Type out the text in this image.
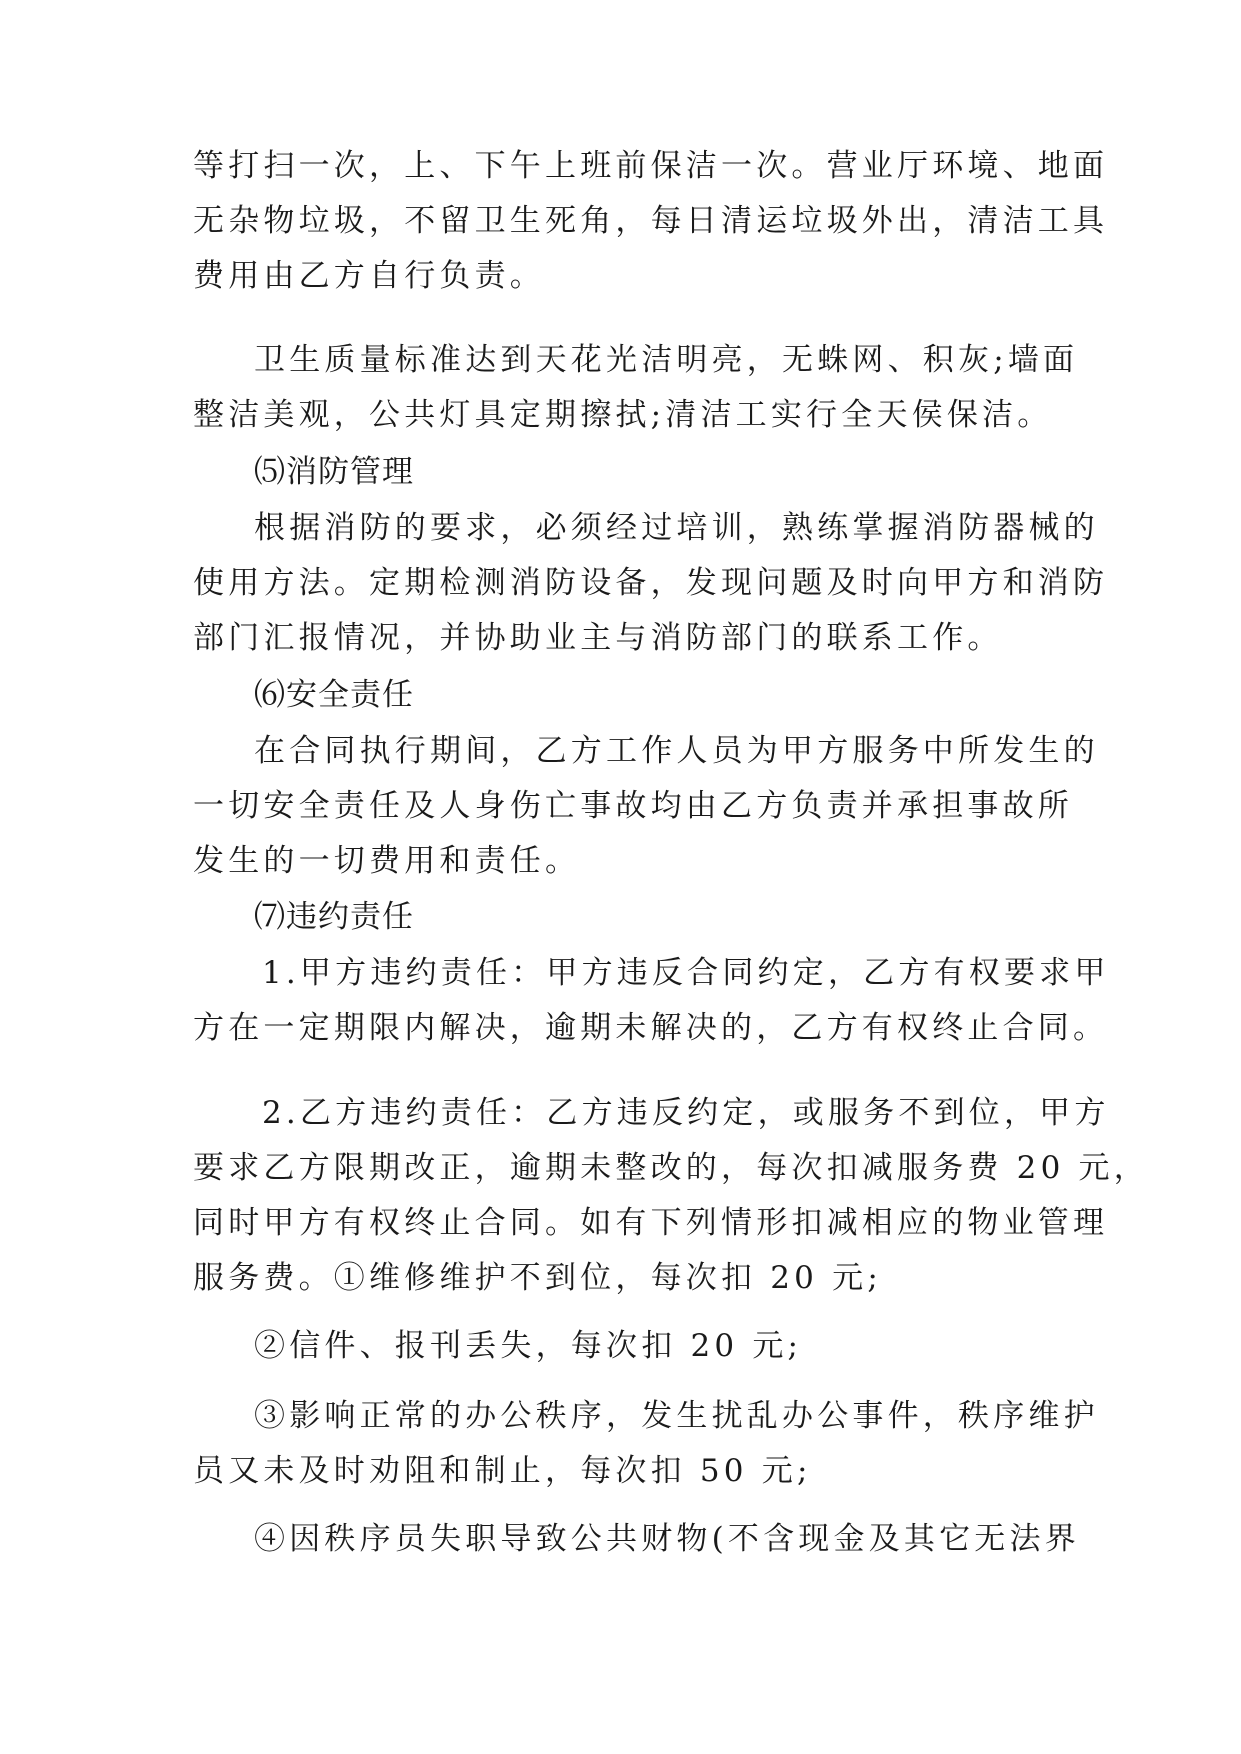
等打扫一次，上、下午上班前保洁一次。营业厅环境、地面
无杂物垃圾，不留卫生死角，每日清运垃圾外出，清洁工具
费用由乙方自行负责。
卫生质量标准达到天花光洁明亮，无蛛网、积灰;墙面
整洁美观，公共灯具定期擦拭;清洁工实行全天侯保洁。
⑸消防管理
根据消防的要求，必须经过培训，熟练掌握消防器械的
使用方法。定期检测消防设备，发现问题及时向甲方和消防
部门汇报情况，并协助业主与消防部门的联系工作。
⑹安全责任
在合同执行期间，乙方工作人员为甲方服务中所发生的
一切安全责任及人身伤亡事故均由乙方负责并承担事故所
发生的一切费用和责任。
⑺违约责任
1.甲方违约责任：甲方违反合同约定，乙方有权要求甲
方在一定期限内解决，逾期未解决的，乙方有权终止合同。
2.乙方违约责任：乙方违反约定，或服务不到位，甲方
要求乙方限期改正，逾期未整改的，每次扣减服务费 20 元，
同时甲方有权终止合同。如有下列情形扣减相应的物业管理
服务费。①维修维护不到位，每次扣 20 元;
②信件、报刊丢失，每次扣 20 元;
③影响正常的办公秩序，发生扰乱办公事件，秩序维护
员又未及时劝阻和制止，每次扣 50 元;
④因秩序员失职导致公共财物(不含现金及其它无法界
